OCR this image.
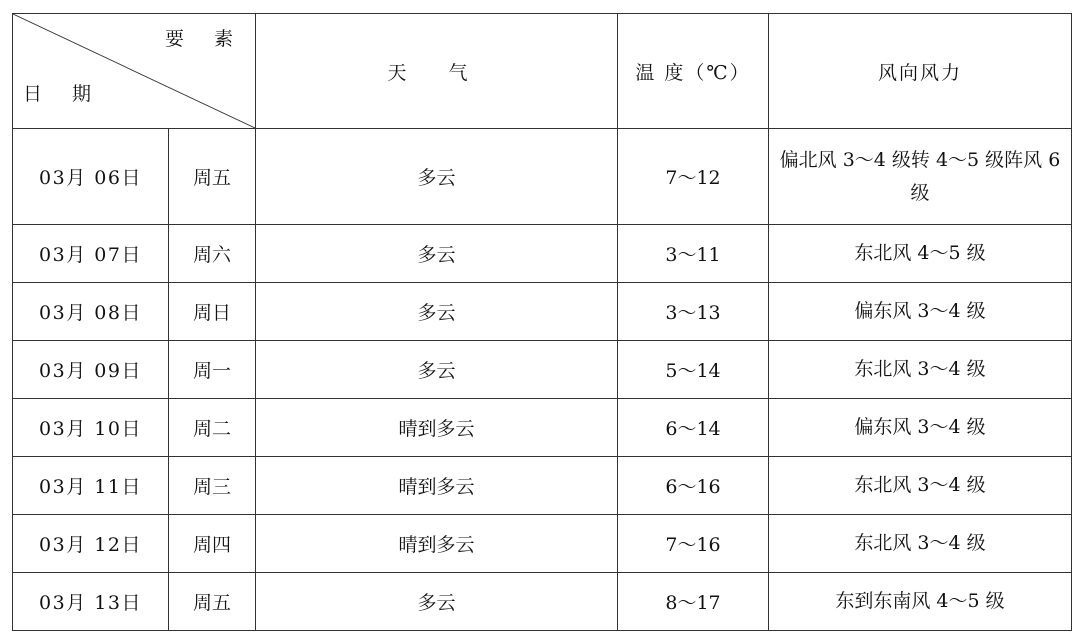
要 素
日 期		天 气	温 度（℃）	风向风力
03月 06日	周五	多云	7～12	偏北风 3～4 级转 4～5 级阵风 6 级
03月 07日	周六	多云	3～11	东北风 4～5 级
03月 08日	周日	多云	3～13	偏东风 3～4 级
03月 09日	周一	多云	5～14	东北风 3～4 级
03月 10日	周二	晴到多云	6～14	偏东风 3～4 级
03月 11日	周三	晴到多云	6～16	东北风 3～4 级
03月 12日	周四	晴到多云	7～16	东北风 3～4 级
03月 13日	周五	多云	8～17	东到东南风 4～5 级
